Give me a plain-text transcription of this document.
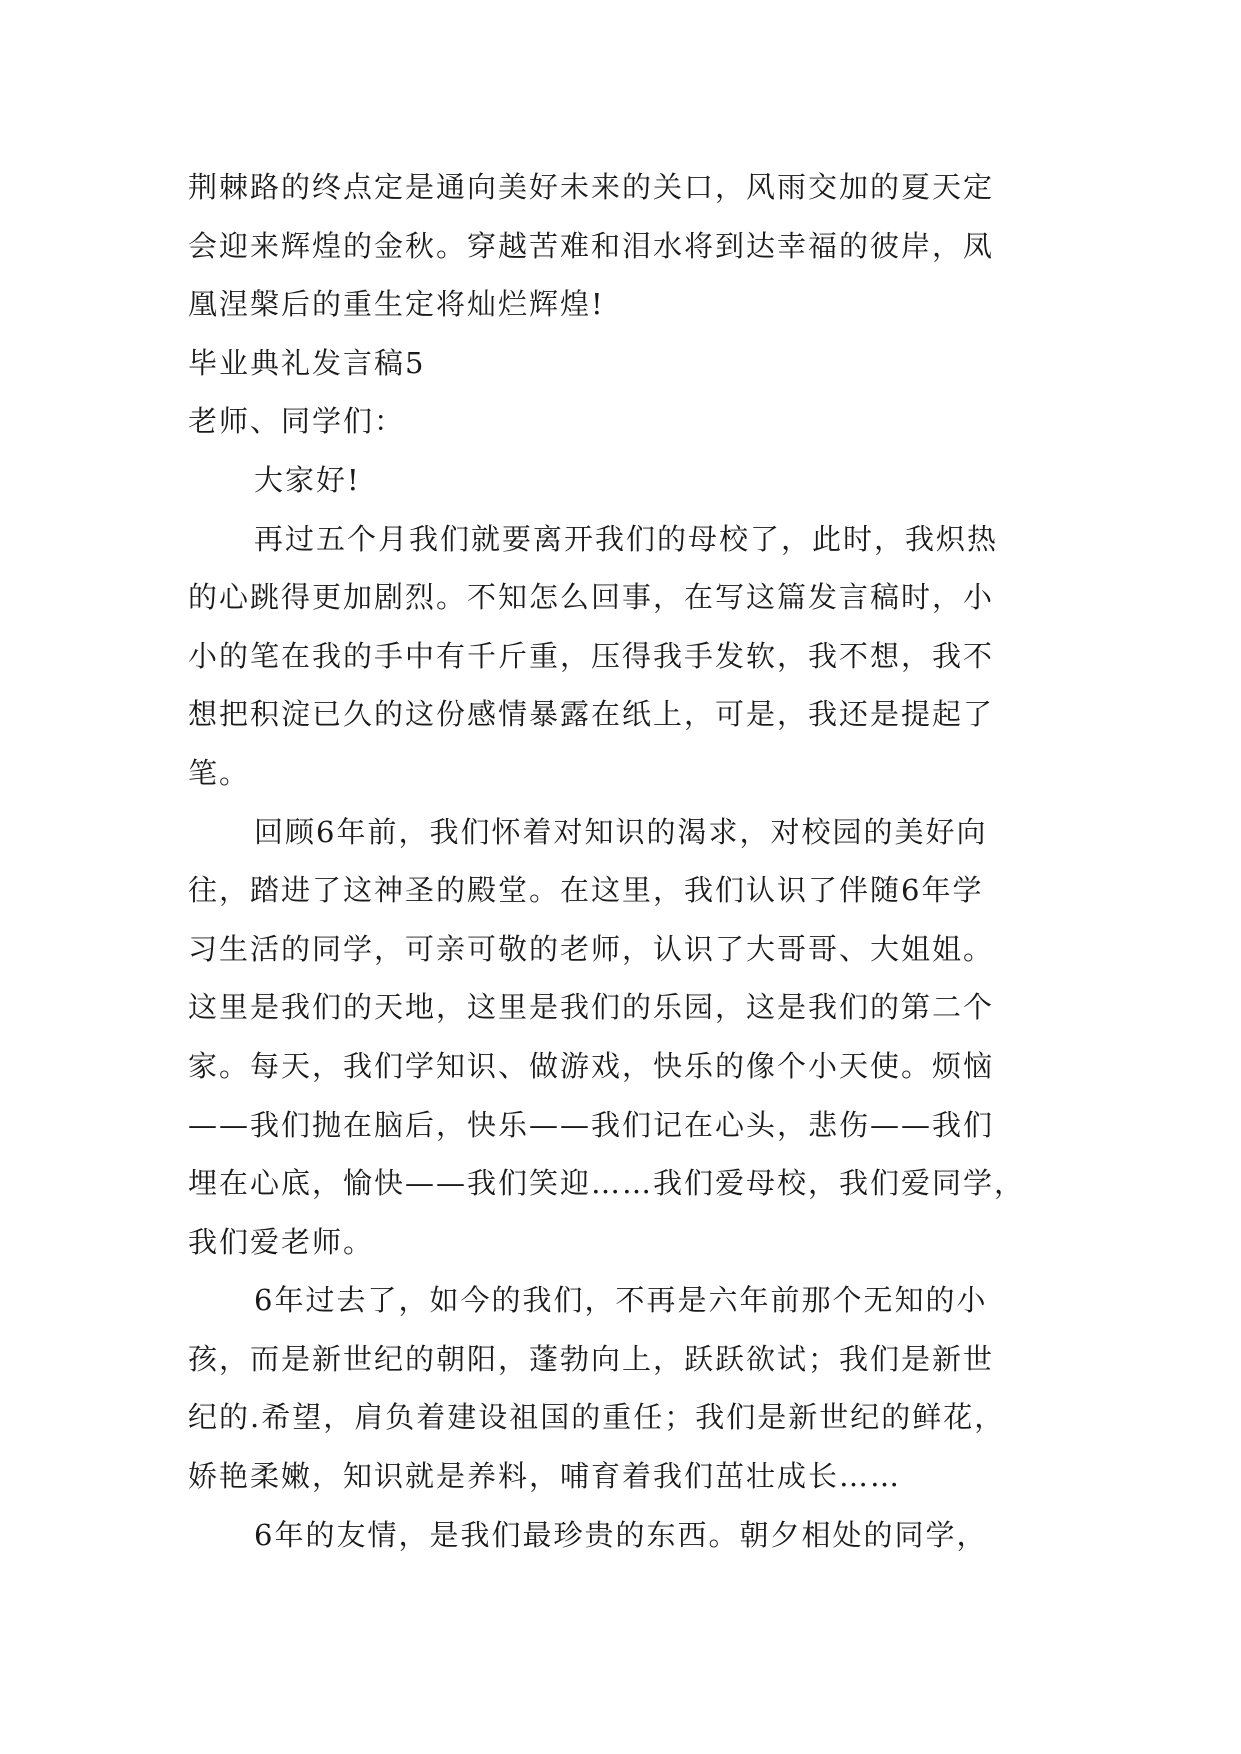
荆棘路的终点定是通向美好未来的关口，风雨交加的夏天定
会迎来辉煌的金秋。穿越苦难和泪水将到达幸福的彼岸，凤
凰涅槃后的重生定将灿烂辉煌!
毕业典礼发言稿5
老师、同学们：
大家好!
再过五个月我们就要离开我们的母校了，此时，我炽热
的心跳得更加剧烈。不知怎么回事，在写这篇发言稿时，小
小的笔在我的手中有千斤重，压得我手发软，我不想，我不
想把积淀已久的这份感情暴露在纸上，可是，我还是提起了
笔。
回顾6年前，我们怀着对知识的渴求，对校园的美好向
往，踏进了这神圣的殿堂。在这里，我们认识了伴随6年学
习生活的同学，可亲可敬的老师，认识了大哥哥、大姐姐。
这里是我们的天地，这里是我们的乐园，这是我们的第二个
家。每天，我们学知识、做游戏，快乐的像个小天使。烦恼
——我们抛在脑后，快乐——我们记在心头，悲伤——我们
埋在心底，愉快——我们笑迎……我们爱母校，我们爱同学，
我们爱老师。
6年过去了，如今的我们，不再是六年前那个无知的小
孩，而是新世纪的朝阳，蓬勃向上，跃跃欲试；我们是新世
纪的.希望，肩负着建设祖国的重任；我们是新世纪的鲜花，
娇艳柔嫩，知识就是养料，哺育着我们茁壮成长……
6年的友情，是我们最珍贵的东西。朝夕相处的同学，
